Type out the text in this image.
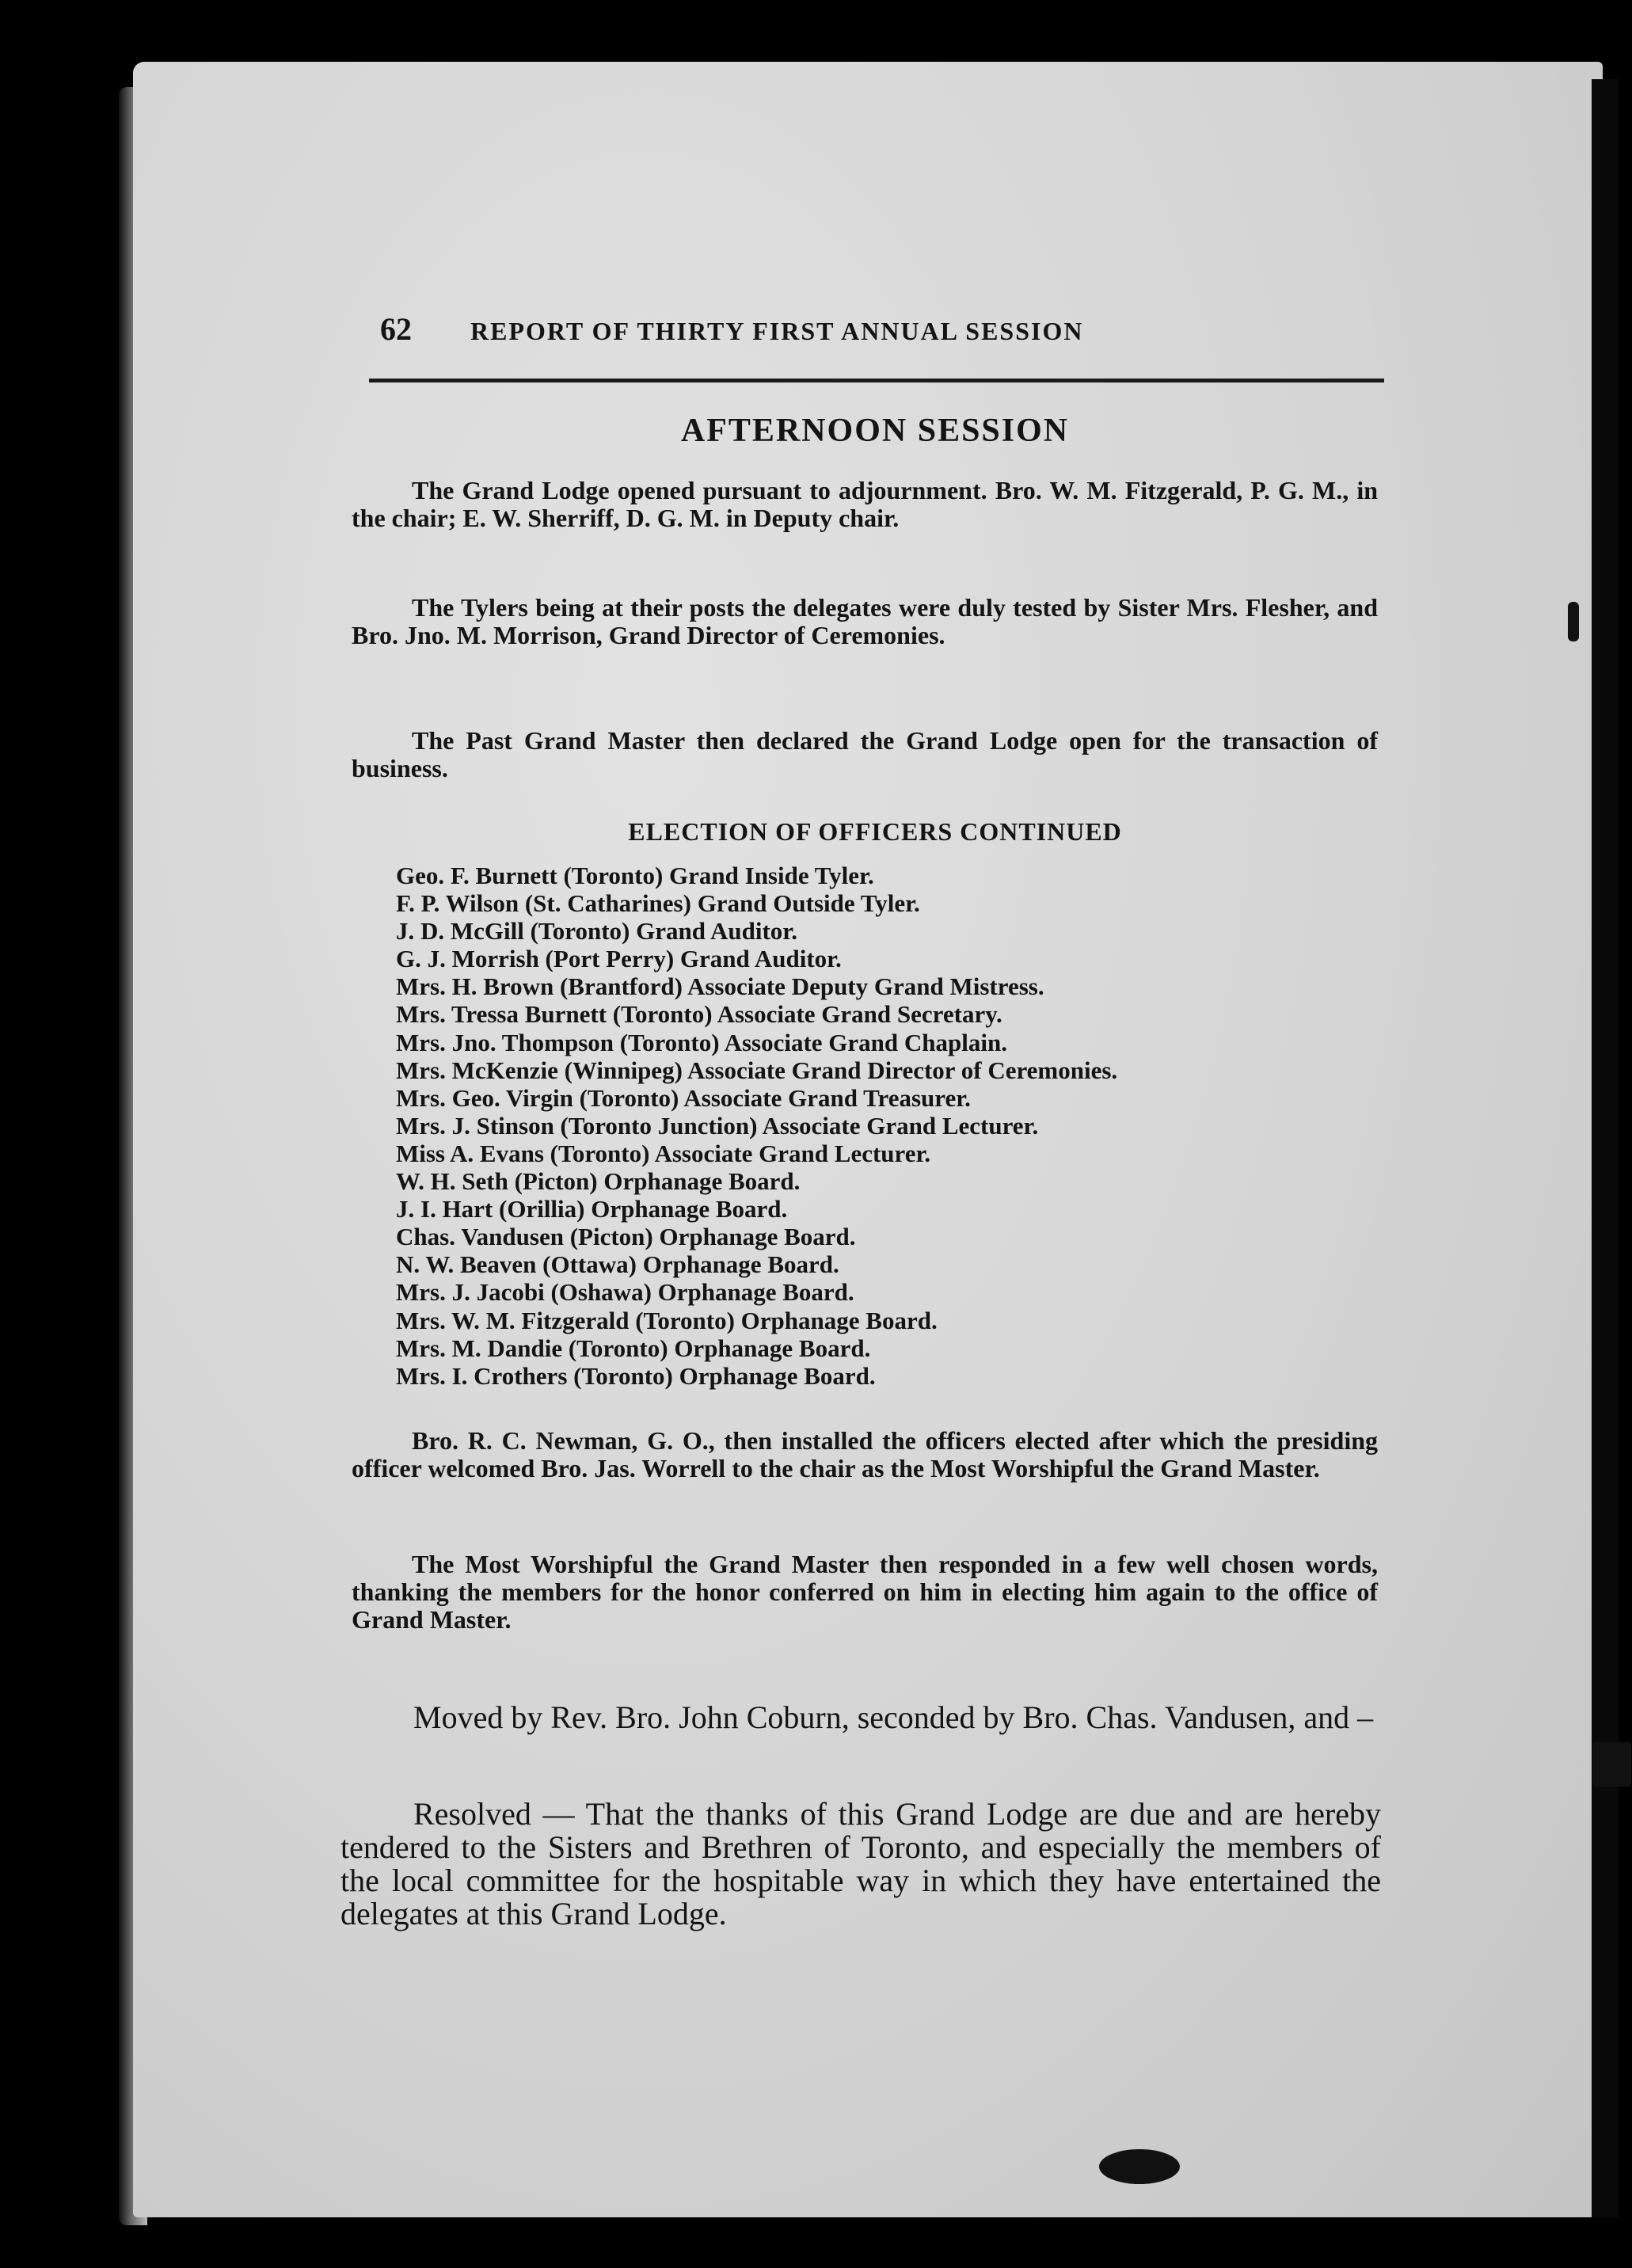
62 REPORT OF THIRTY FIRST ANNUAL SESSION
AFTERNOON SESSION

The Grand Lodge opened pursuant to adjournment. Bro. W. M. Fitzgerald, P. G. M., in the chair; E. W. Sherriff, D. G. M. in Deputy chair.

The Tylers being at their posts the delegates were duly tested by Sister Mrs. Flesher, and Bro. Jno. M. Morrison, Grand Director of Ceremonies.

The Past Grand Master then declared the Grand Lodge open for the transaction of business.

ELECTION OF OFFICERS CONTINUED
Geo. F. Burnett (Toronto) Grand Inside Tyler.
F. P. Wilson (St. Catharines) Grand Outside Tyler.
J. D. McGill (Toronto) Grand Auditor.
G. J. Morrish (Port Perry) Grand Auditor.
Mrs. H. Brown (Brantford) Associate Deputy Grand Mistress.
Mrs. Tressa Burnett (Toronto) Associate Grand Secretary.
Mrs. Jno. Thompson (Toronto) Associate Grand Chaplain.
Mrs. McKenzie (Winnipeg) Associate Grand Director of Ceremonies.
Mrs. Geo. Virgin (Toronto) Associate Grand Treasurer.
Mrs. J. Stinson (Toronto Junction) Associate Grand Lecturer.
Miss A. Evans (Toronto) Associate Grand Lecturer.
W. H. Seth (Picton) Orphanage Board.
J. I. Hart (Orillia) Orphanage Board.
Chas. Vandusen (Picton) Orphanage Board.
N. W. Beaven (Ottawa) Orphanage Board.
Mrs. J. Jacobi (Oshawa) Orphanage Board.
Mrs. W. M. Fitzgerald (Toronto) Orphanage Board.
Mrs. M. Dandie (Toronto) Orphanage Board.
Mrs. I. Crothers (Toronto) Orphanage Board.

Bro. R. C. Newman, G. O., then installed the officers elected after which the presiding officer welcomed Bro. Jas. Worrell to the chair as the Most Worshipful the Grand Master.

The Most Worshipful the Grand Master then responded in a few well chosen words, thanking the members for the honor conferred on him in electing him again to the office of Grand Master.

Moved by Rev. Bro. John Coburn, seconded by Bro. Chas. Vandusen, and –

Resolved — That the thanks of this Grand Lodge are due and are hereby tendered to the Sisters and Brethren of Toronto, and especially the members of the local committee for the hospitable way in which they have entertained the delegates at this Grand Lodge.
